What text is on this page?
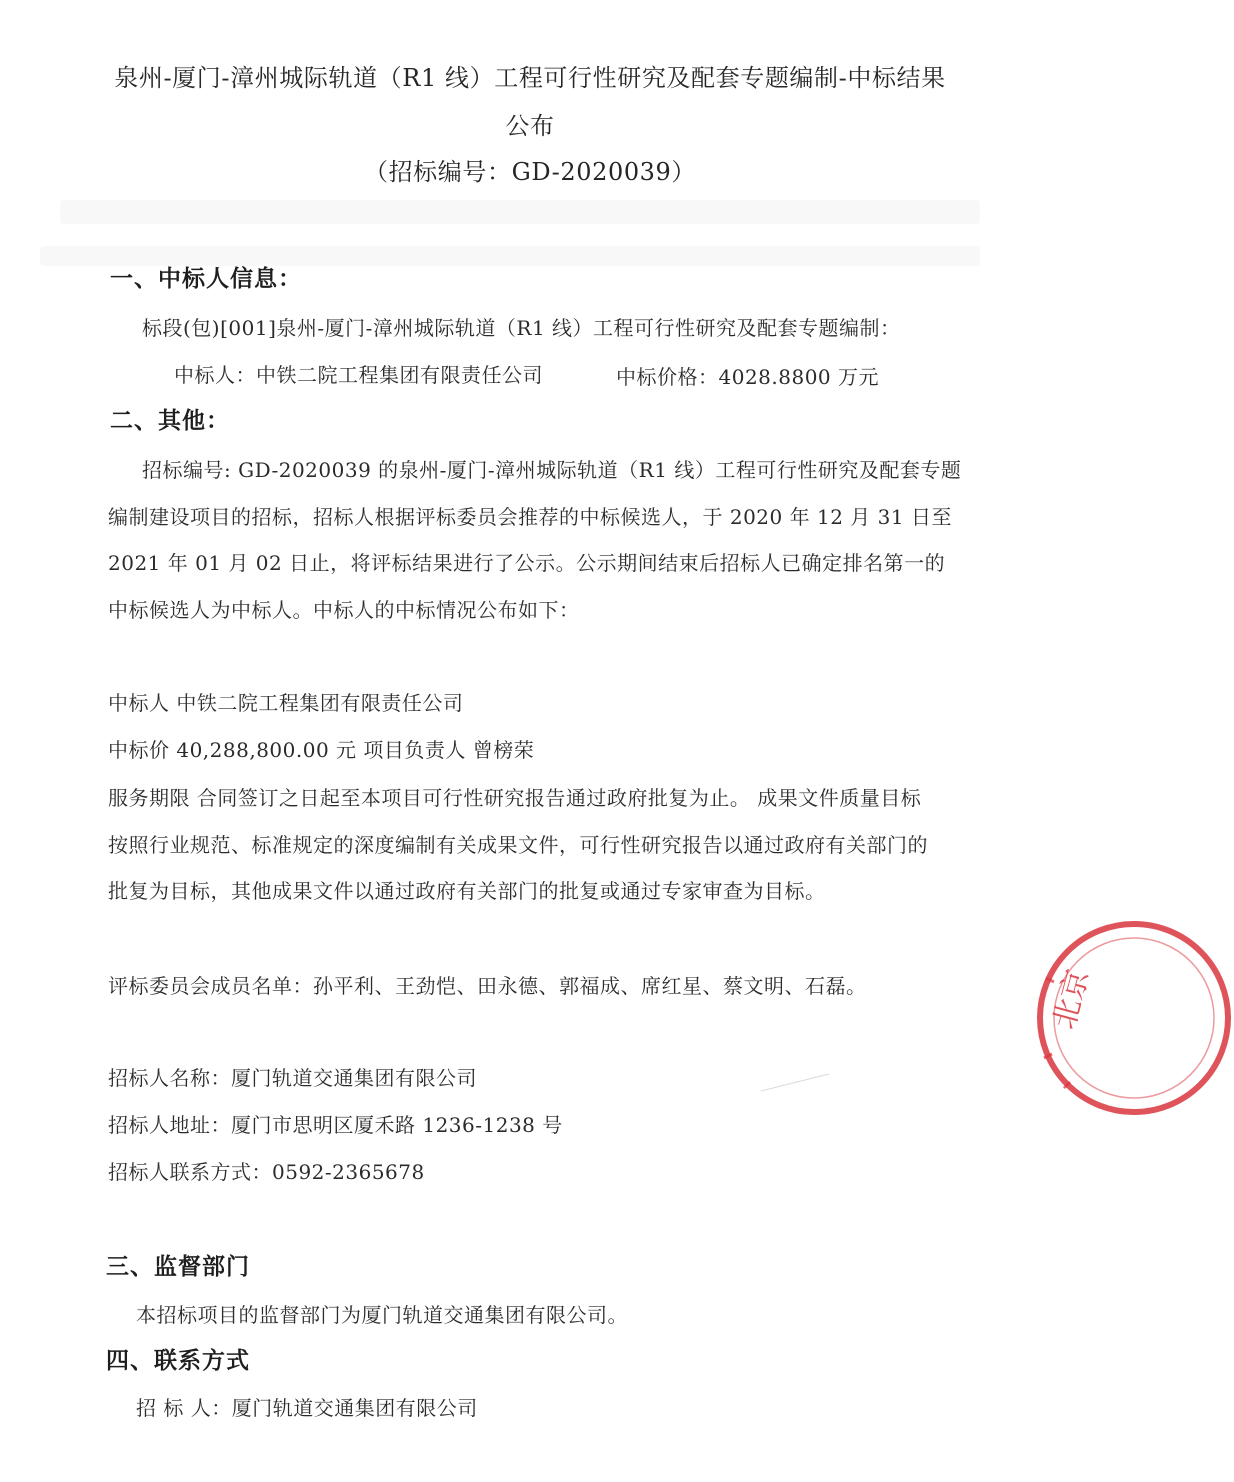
泉州-厦门-漳州城际轨道（R1 线）工程可行性研究及配套专题编制-中标结果
公布
（招标编号：GD-2020039）
一、中标人信息：
标段(包)[001]泉州-厦门-漳州城际轨道（R1 线）工程可行性研究及配套专题编制：
中标人：中铁二院工程集团有限责任公司	中标价格：4028.8800 万元
二、其他：
招标编号: GD-2020039 的泉州-厦门-漳州城际轨道（R1 线）工程可行性研究及配套专题
编制建设项目的招标，招标人根据评标委员会推荐的中标候选人，于 2020 年 12 月 31 日至
2021 年 01 月 02 日止，将评标结果进行了公示。公示期间结束后招标人已确定排名第一的
中标候选人为中标人。中标人的中标情况公布如下：
中标人 中铁二院工程集团有限责任公司
中标价 40,288,800.00 元 项目负责人 曾榜荣
服务期限 合同签订之日起至本项目可行性研究报告通过政府批复为止。 成果文件质量目标
按照行业规范、标准规定的深度编制有关成果文件，可行性研究报告以通过政府有关部门的
批复为目标，其他成果文件以通过政府有关部门的批复或通过专家审查为目标。
评标委员会成员名单：孙平利、王劲恺、田永德、郭福成、席红星、蔡文明、石磊。
招标人名称：厦门轨道交通集团有限公司
招标人地址：厦门市思明区厦禾路 1236-1238 号
招标人联系方式：0592-2365678
三、监督部门
本招标项目的监督部门为厦门轨道交通集团有限公司。
四、联系方式
招 标 人：厦门轨道交通集团有限公司
北京
